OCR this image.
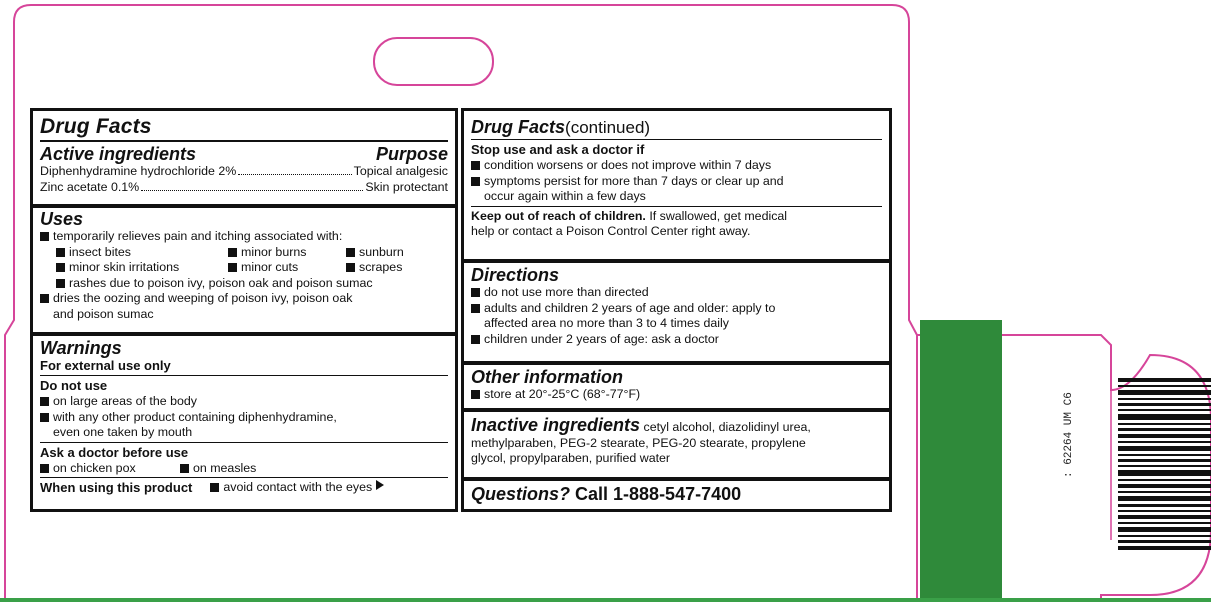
Drug Facts
Active ingredients	Purpose
Diphenhydramine hydrochloride 2%	Topical analgesic
Zinc acetate 0.1%	Skin protectant
Uses
temporarily relieves pain and itching associated with:
insect bites	minor burns	sunburn
minor skin irritations	minor cuts	scrapes
rashes due to poison ivy, poison oak and poison sumac
dries the oozing and weeping of poison ivy, poison oak
and poison sumac
Warnings
For external use only
Do not use
on large areas of the body
with any other product containing diphenhydramine,
even one taken by mouth
Ask a doctor before use
on chicken pox	on measles
When using this product	avoid contact with the eyes
Drug Facts(continued)
Stop use and ask a doctor if
condition worsens or does not improve within 7 days
symptoms persist for more than 7 days or clear up and
occur again within a few days
Keep out of reach of children. If swallowed, get medical
help or contact a Poison Control Center right away.
Directions
do not use more than directed
adults and children 2 years of age and older: apply to
affected area no more than 3 to 4 times daily
children under 2 years of age: ask a doctor
Other information
store at 20°-25°C (68°-77°F)
Inactive ingredients cetyl alcohol, diazolidinyl urea,
methylparaben, PEG-2 stearate, PEG-20 stearate, propylene
glycol, propylparaben, purified water
Questions? Call 1-888-547-7400
: 62264 UM C6
